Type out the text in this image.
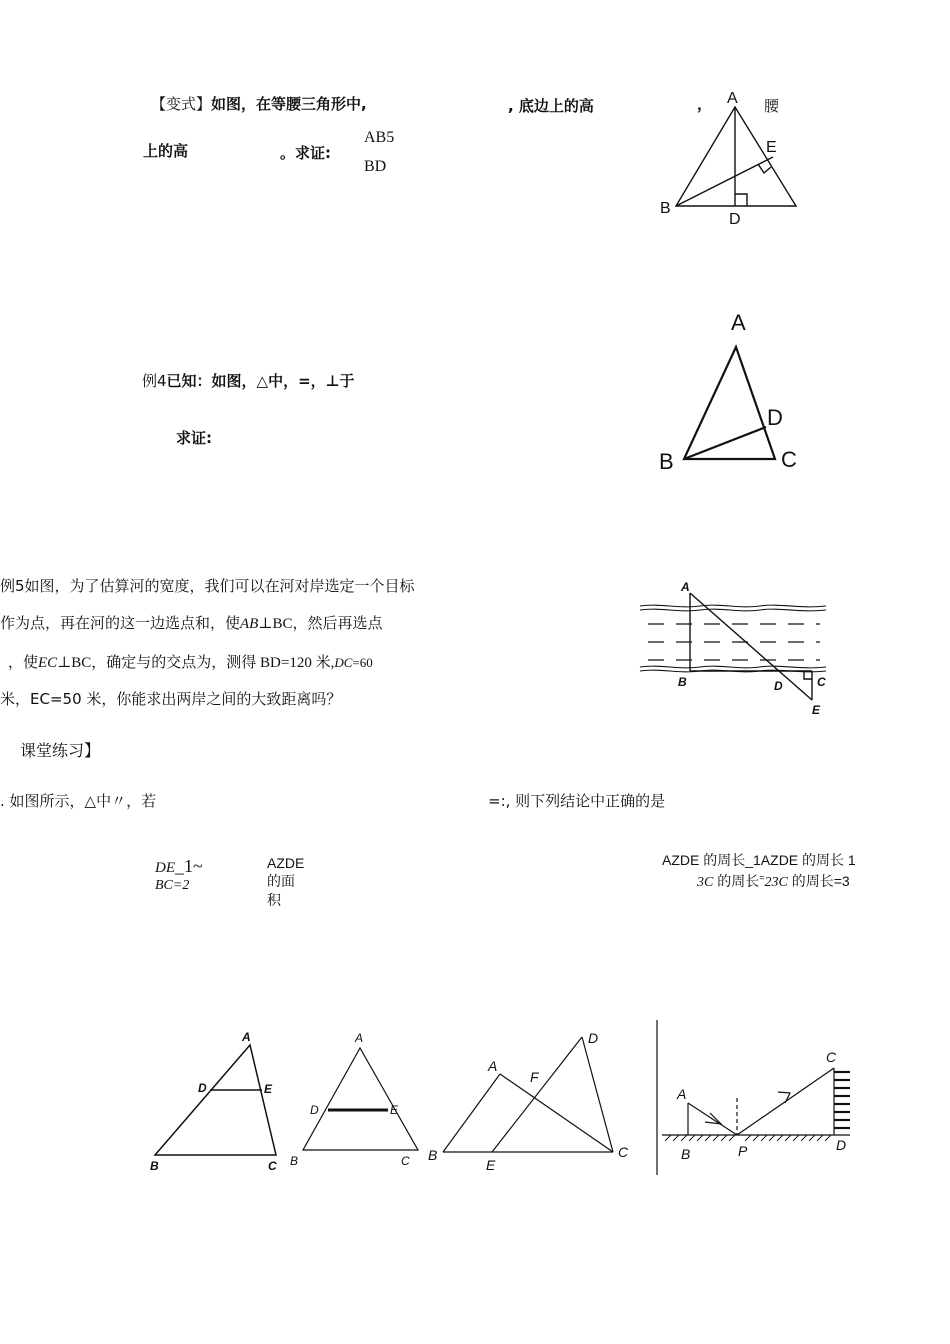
【变式】如图，在等腰三角形中,	, 底边上的高	，	腰
上的高	。求证:
AB5
BD
A
E
B
D
例4已知：如图，△中，=，⊥于
求证:
A
D
B	C
例5如图，为了估算河的宽度，我们可以在河对岸选定一个目标
作为点，再在河的这一边选点和，使AB⊥BC，然后再选点
，使EC⊥BC，确定与的交点为，测得 BD=120 米,DC=60
米，EC=50 米，你能求出两岸之间的大致距离吗？
A
B	D	C
E
课堂练习】
. 如图所示，△中〃，若	=:, 则下列结论中正确的是
DE_1~
BC=2
AZDE
的面
积
AZDE 的周长_1AZDE 的周长 1
3C 的周长=23C 的周长=3
A
D	E
B	C
A
D	E
B	C
A
F
D
B
E
C
A
B	P
C
D
